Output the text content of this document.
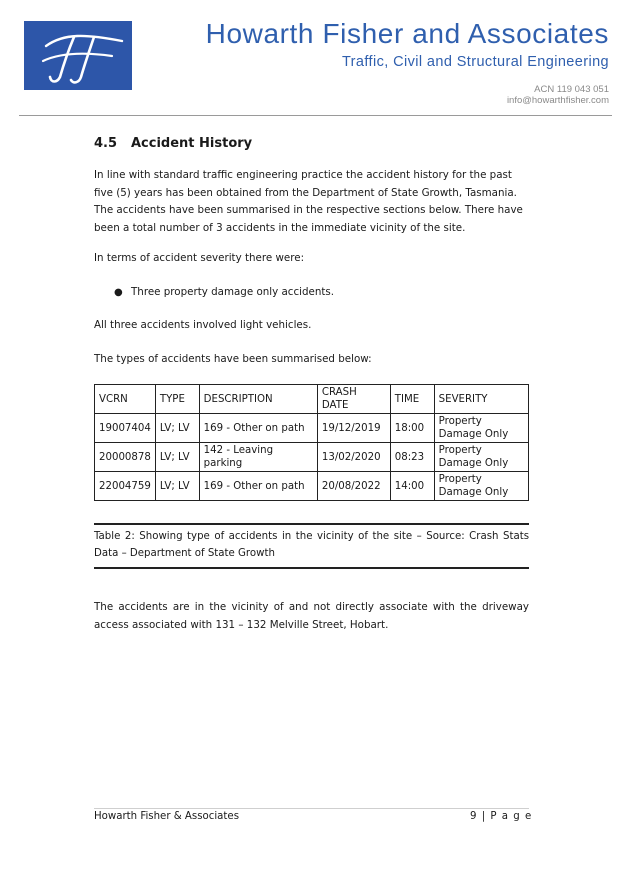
Howarth Fisher and Associates
Traffic, Civil and Structural Engineering
ACN 119 043 051
info@howarthfisher.com
4.5 Accident History

In line with standard traffic engineering practice the accident history for the past five (5) years has been obtained from the Department of State Growth, Tasmania. The accidents have been summarised in the respective sections below. There have been a total number of 3 accidents in the immediate vicinity of the site.

In terms of accident severity there were:

● Three property damage only accidents.

All three accidents involved light vehicles.

The types of accidents have been summarised below:

VCRN	TYPE	DESCRIPTION	CRASH DATE	TIME	SEVERITY
19007404	LV; LV	169 - Other on path	19/12/2019	18:00	Property Damage Only
20000878	LV; LV	142 - Leaving parking	13/02/2020	08:23	Property Damage Only
22004759	LV; LV	169 - Other on path	20/08/2022	14:00	Property Damage Only
Table 2: Showing type of accidents in the vicinity of the site – Source: Crash Stats Data – Department of State Growth
The accidents are in the vicinity of and not directly associate with the driveway access associated with 131 – 132 Melville Street, Hobart.
Howarth Fisher & Associates	9 | P a g e
